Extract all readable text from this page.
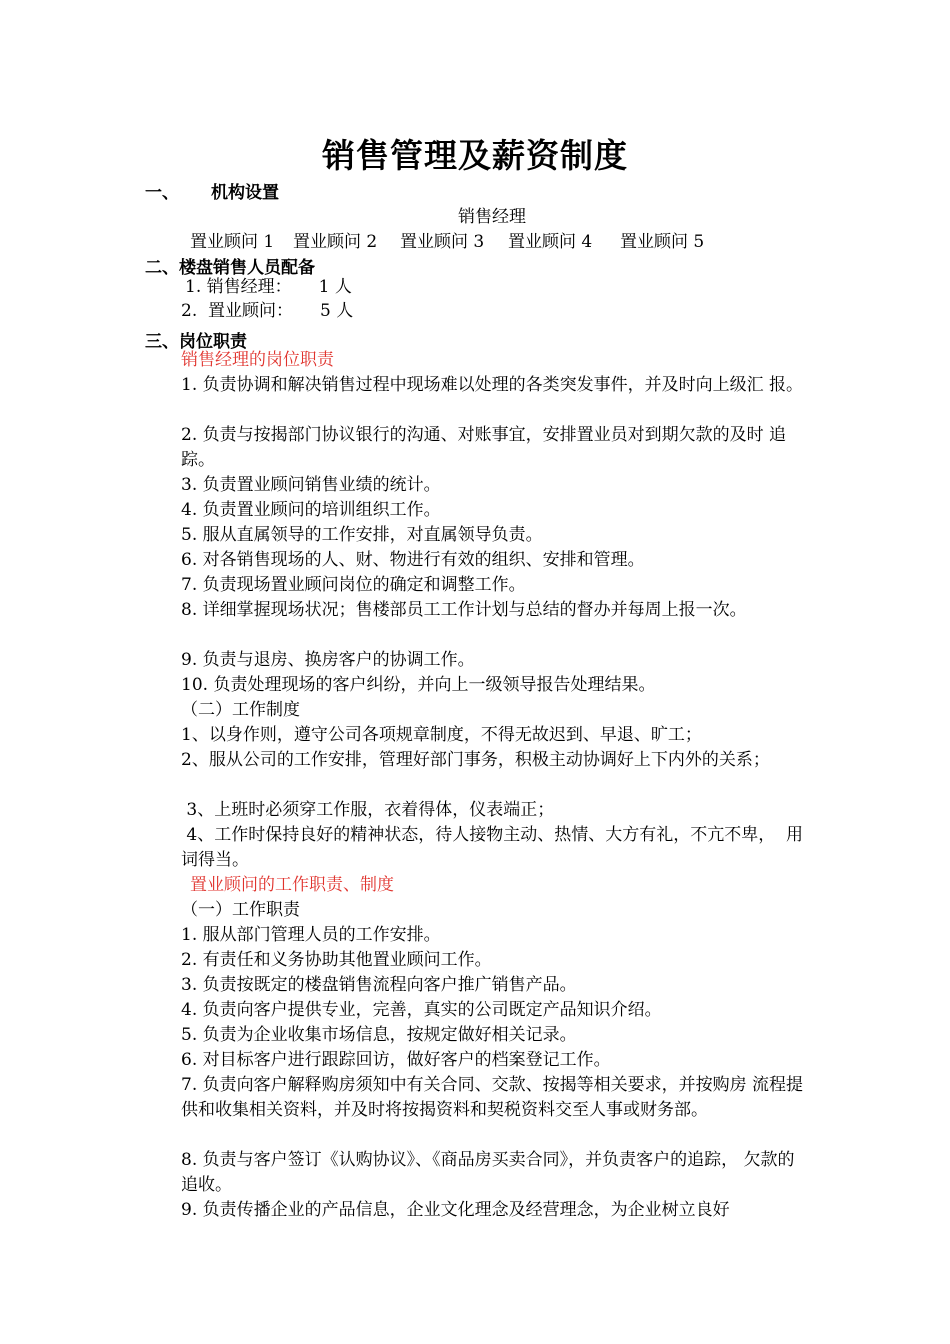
销售管理及薪资制度
一、 机构设置
销售经理
置业顾问 1 置业顾问 2 置业顾问 3 置业顾问 4 置业顾问 5
二、楼盘销售人员配备
1. 销售经理：     1 人
2.  置业顾问：     5 人
三、岗位职责
销售经理的岗位职责
1. 负责协调和解决销售过程中现场难以处理的各类突发事件，并及时向上级汇 报。
2. 负责与按揭部门协议银行的沟通、对账事宜，安排置业员对到期欠款的及时 追踪。
3. 负责置业顾问销售业绩的统计。
4. 负责置业顾问的培训组织工作。
5. 服从直属领导的工作安排，对直属领导负责。
6. 对各销售现场的人、财、物进行有效的组织、安排和管理。
7. 负责现场置业顾问岗位的确定和调整工作。
8. 详细掌握现场状况；售楼部员工工作计划与总结的督办并每周上报一次。
9. 负责与退房、换房客户的协调工作。
10. 负责处理现场的客户纠纷，并向上一级领导报告处理结果。
（二）工作制度
1、以身作则，遵守公司各项规章制度，不得无故迟到、早退、旷工；
2、服从公司的工作安排，管理好部门事务，积极主动协调好上下内外的关系；
3、上班时必须穿工作服，衣着得体，仪表端正；
4、工作时保持良好的精神状态，待人接物主动、热情、大方有礼，不亢不卑，  用词得当。
置业顾问的工作职责、制度
（一）工作职责
1. 服从部门管理人员的工作安排。
2. 有责任和义务协助其他置业顾问工作。
3. 负责按既定的楼盘销售流程向客户推广销售产品。
4. 负责向客户提供专业，完善，真实的公司既定产品知识介绍。
5. 负责为企业收集市场信息，按规定做好相关记录。
6. 对目标客户进行跟踪回访，做好客户的档案登记工作。
7. 负责向客户解释购房须知中有关合同、交款、按揭等相关要求，并按购房 流程提供和收集相关资料，并及时将按揭资料和契税资料交至人事或财务部。
8. 负责与客户签订《认购协议》、《商品房买卖合同》，并负责客户的追踪， 欠款的追收。
9. 负责传播企业的产品信息，企业文化理念及经营理念，为企业树立良好
